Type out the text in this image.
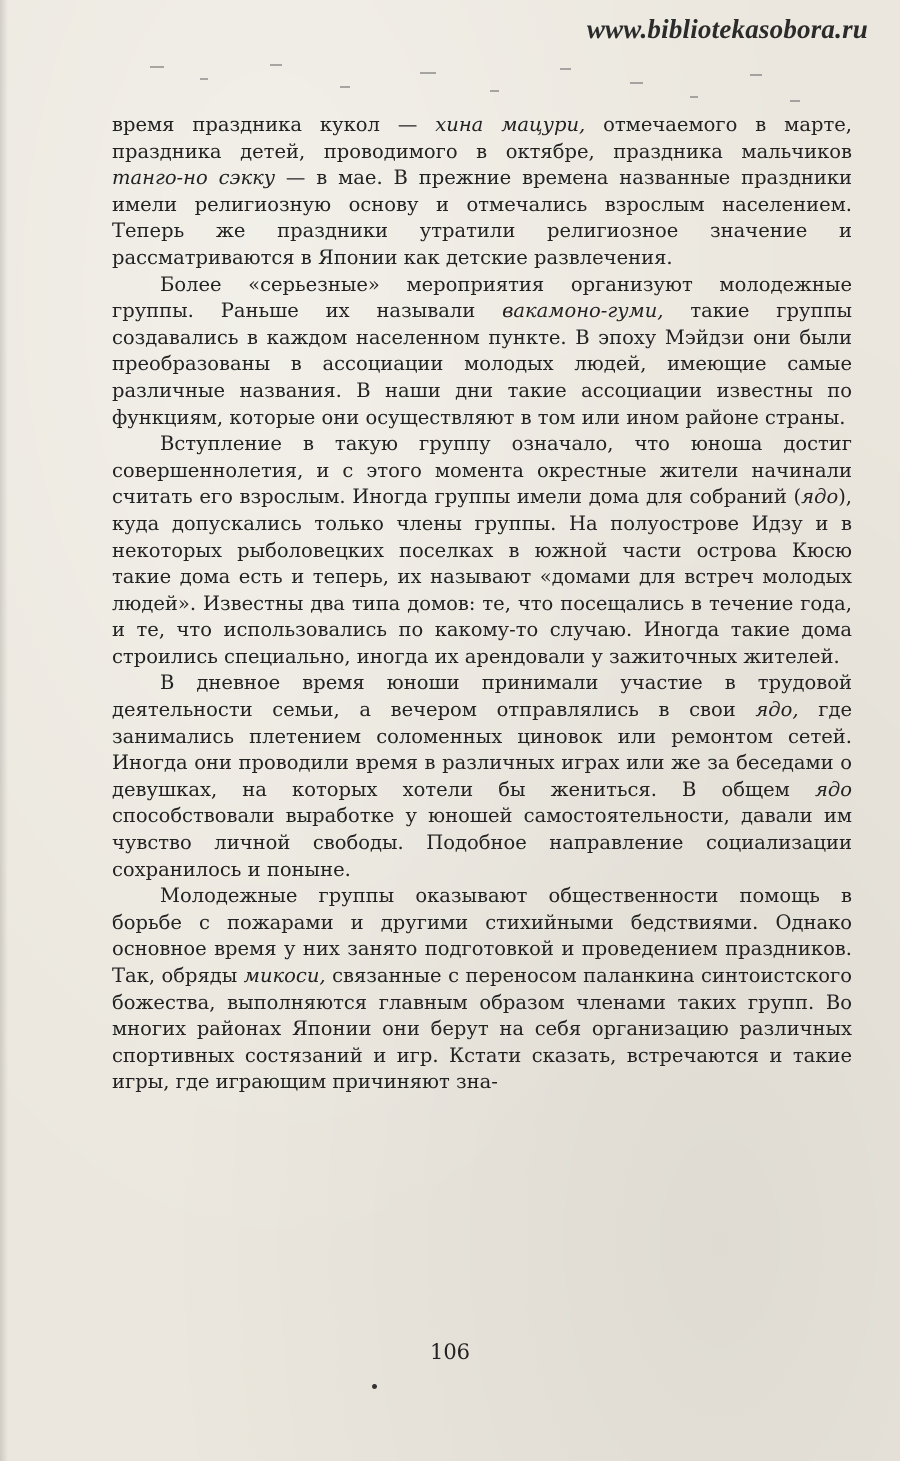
www.bibliotekasobora.ru

время праздника кукол — хина мацури, отмечаемого в марте, праздника детей, проводимого в октябре, праздника мальчиков танго-но сэкку — в мае. В прежние времена названные праздники имели религиозную основу и отмечались взрослым населением. Теперь же праздники утратили религиозное значение и рассматриваются в Японии как детские развлечения.

Более «серьезные» мероприятия организуют молодежные группы. Раньше их называли вакамоно-гуми, такие группы создавались в каждом населенном пункте. В эпоху Мэйдзи они были преобразованы в ассоциации молодых людей, имеющие самые различные названия. В наши дни такие ассоциации известны по функциям, которые они осуществляют в том или ином районе страны.

Вступление в такую группу означало, что юноша достиг совершеннолетия, и с этого момента окрестные жители начинали считать его взрослым. Иногда группы имели дома для собраний (ядо), куда допускались только члены группы. На полуострове Идзу и в некоторых рыболовецких поселках в южной части острова Кюсю такие дома есть и теперь, их называют «домами для встреч молодых людей». Известны два типа домов: те, что посещались в течение года, и те, что использовались по какому-то случаю. Иногда такие дома строились специально, иногда их арендовали у зажиточных жителей.

В дневное время юноши принимали участие в трудовой деятельности семьи, а вечером отправлялись в свои ядо, где занимались плетением соломенных циновок или ремонтом сетей. Иногда они проводили время в различных играх или же за беседами о девушках, на которых хотели бы жениться. В общем ядо способствовали выработке у юношей самостоятельности, давали им чувство личной свободы. Подобное направление социализации сохранилось и поныне.

Молодежные группы оказывают общественности помощь в борьбе с пожарами и другими стихийными бедствиями. Однако основное время у них занято подготовкой и проведением праздников. Так, обряды микоси, связанные с переносом паланкина синтоистского божества, выполняются главным образом членами таких групп. Во многих районах Японии они берут на себя организацию различных спортивных состязаний и игр. Кстати сказать, встречаются и такие игры, где играющим причиняют зна-

106
